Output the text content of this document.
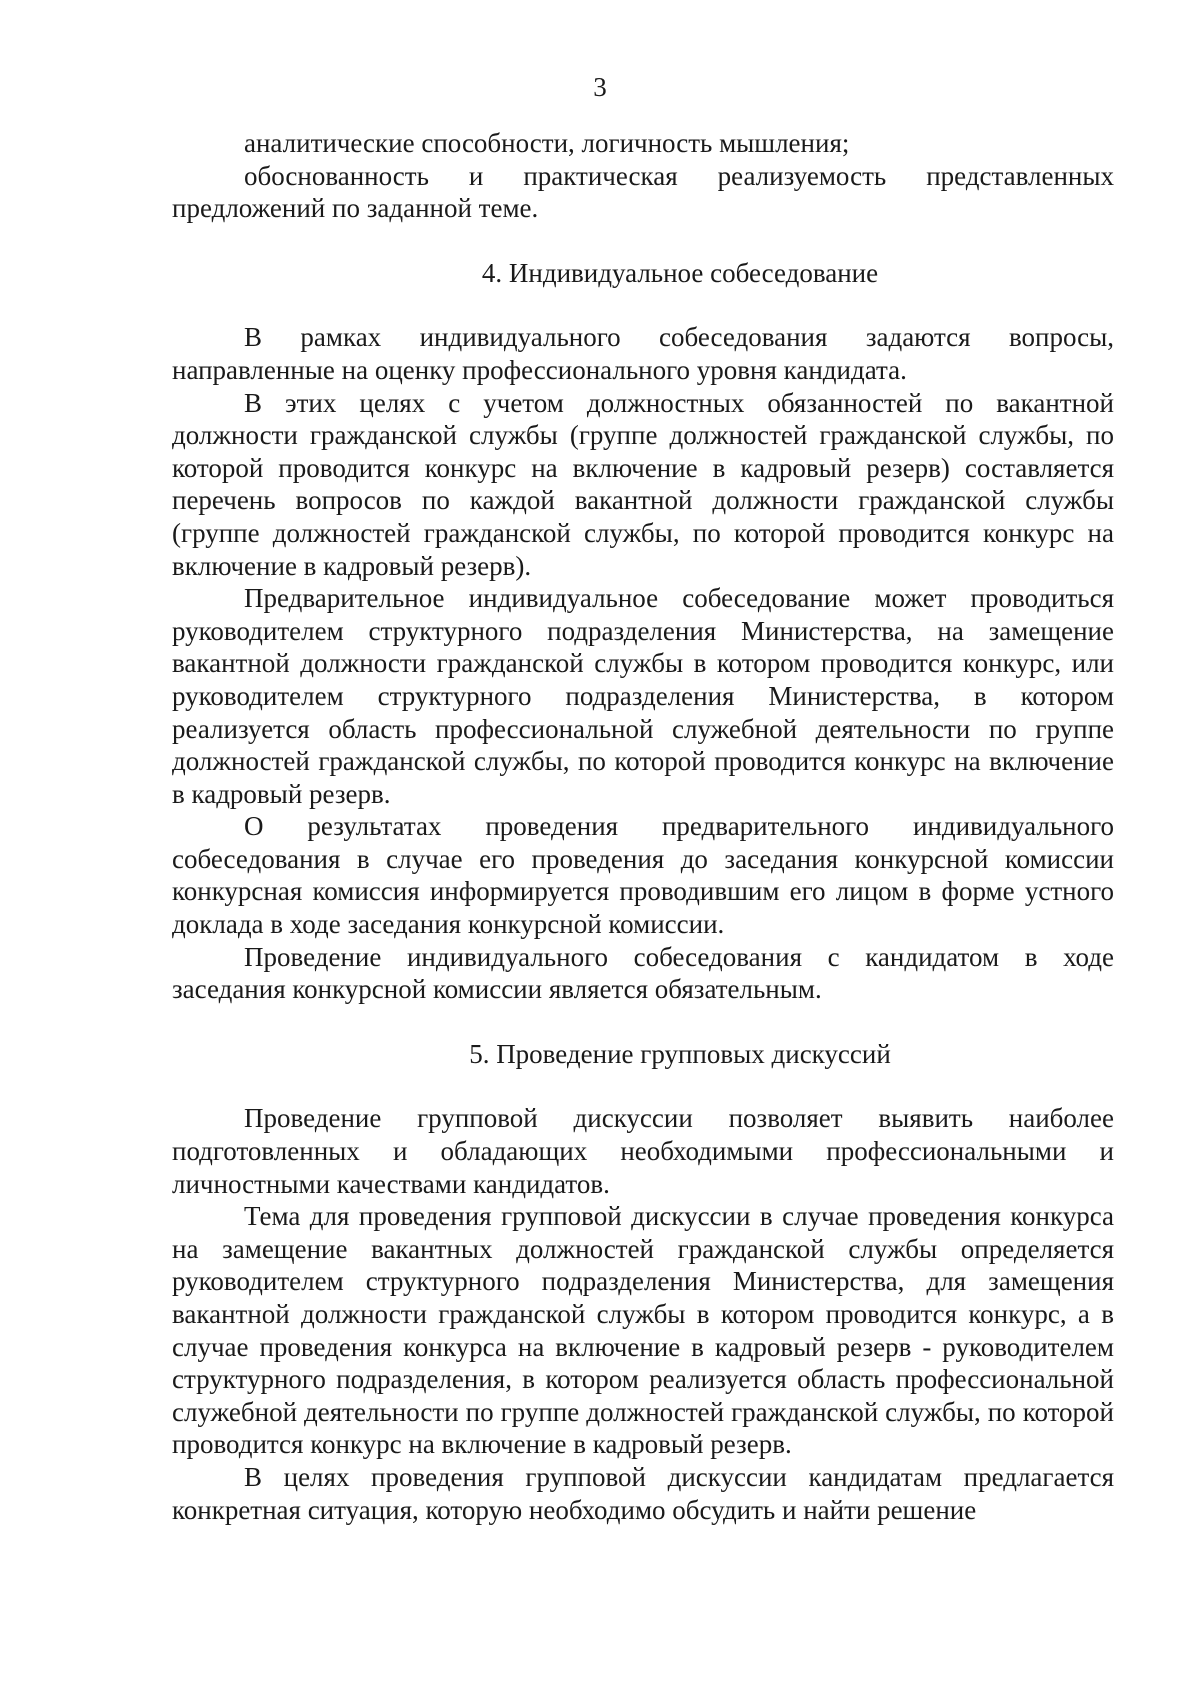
3

аналитические способности, логичность мышления;

обоснованность и практическая реализуемость представленных предложений по заданной теме.

4. Индивидуальное собеседование

В рамках индивидуального собеседования задаются вопросы, направленные на оценку профессионального уровня кандидата.

В этих целях с учетом должностных обязанностей по вакантной должности гражданской службы (группе должностей гражданской службы, по которой проводится конкурс на включение в кадровый резерв) составляется перечень вопросов по каждой вакантной должности гражданской службы (группе должностей гражданской службы, по которой проводится конкурс на включение в кадровый резерв).

Предварительное индивидуальное собеседование может проводиться руководителем структурного подразделения Министерства, на замещение вакантной должности гражданской службы в котором проводится конкурс, или руководителем структурного подразделения Министерства, в котором реализуется область профессиональной служебной деятельности по группе должностей гражданской службы, по которой проводится конкурс на включение в кадровый резерв.

О результатах проведения предварительного индивидуального собеседования в случае его проведения до заседания конкурсной комиссии конкурсная комиссия информируется проводившим его лицом в форме устного доклада в ходе заседания конкурсной комиссии.

Проведение индивидуального собеседования с кандидатом в ходе заседания конкурсной комиссии является обязательным.

5. Проведение групповых дискуссий

Проведение групповой дискуссии позволяет выявить наиболее подготовленных и обладающих необходимыми профессиональными и личностными качествами кандидатов.

Тема для проведения групповой дискуссии в случае проведения конкурса на замещение вакантных должностей гражданской службы определяется руководителем структурного подразделения Министерства, для замещения вакантной должности гражданской службы в котором проводится конкурс, а в случае проведения конкурса на включение в кадровый резерв - руководителем структурного подразделения, в котором реализуется область профессиональной служебной деятельности по группе должностей гражданской службы, по которой проводится конкурс на включение в кадровый резерв.

В целях проведения групповой дискуссии кандидатам предлагается конкретная ситуация, которую необходимо обсудить и найти решение
